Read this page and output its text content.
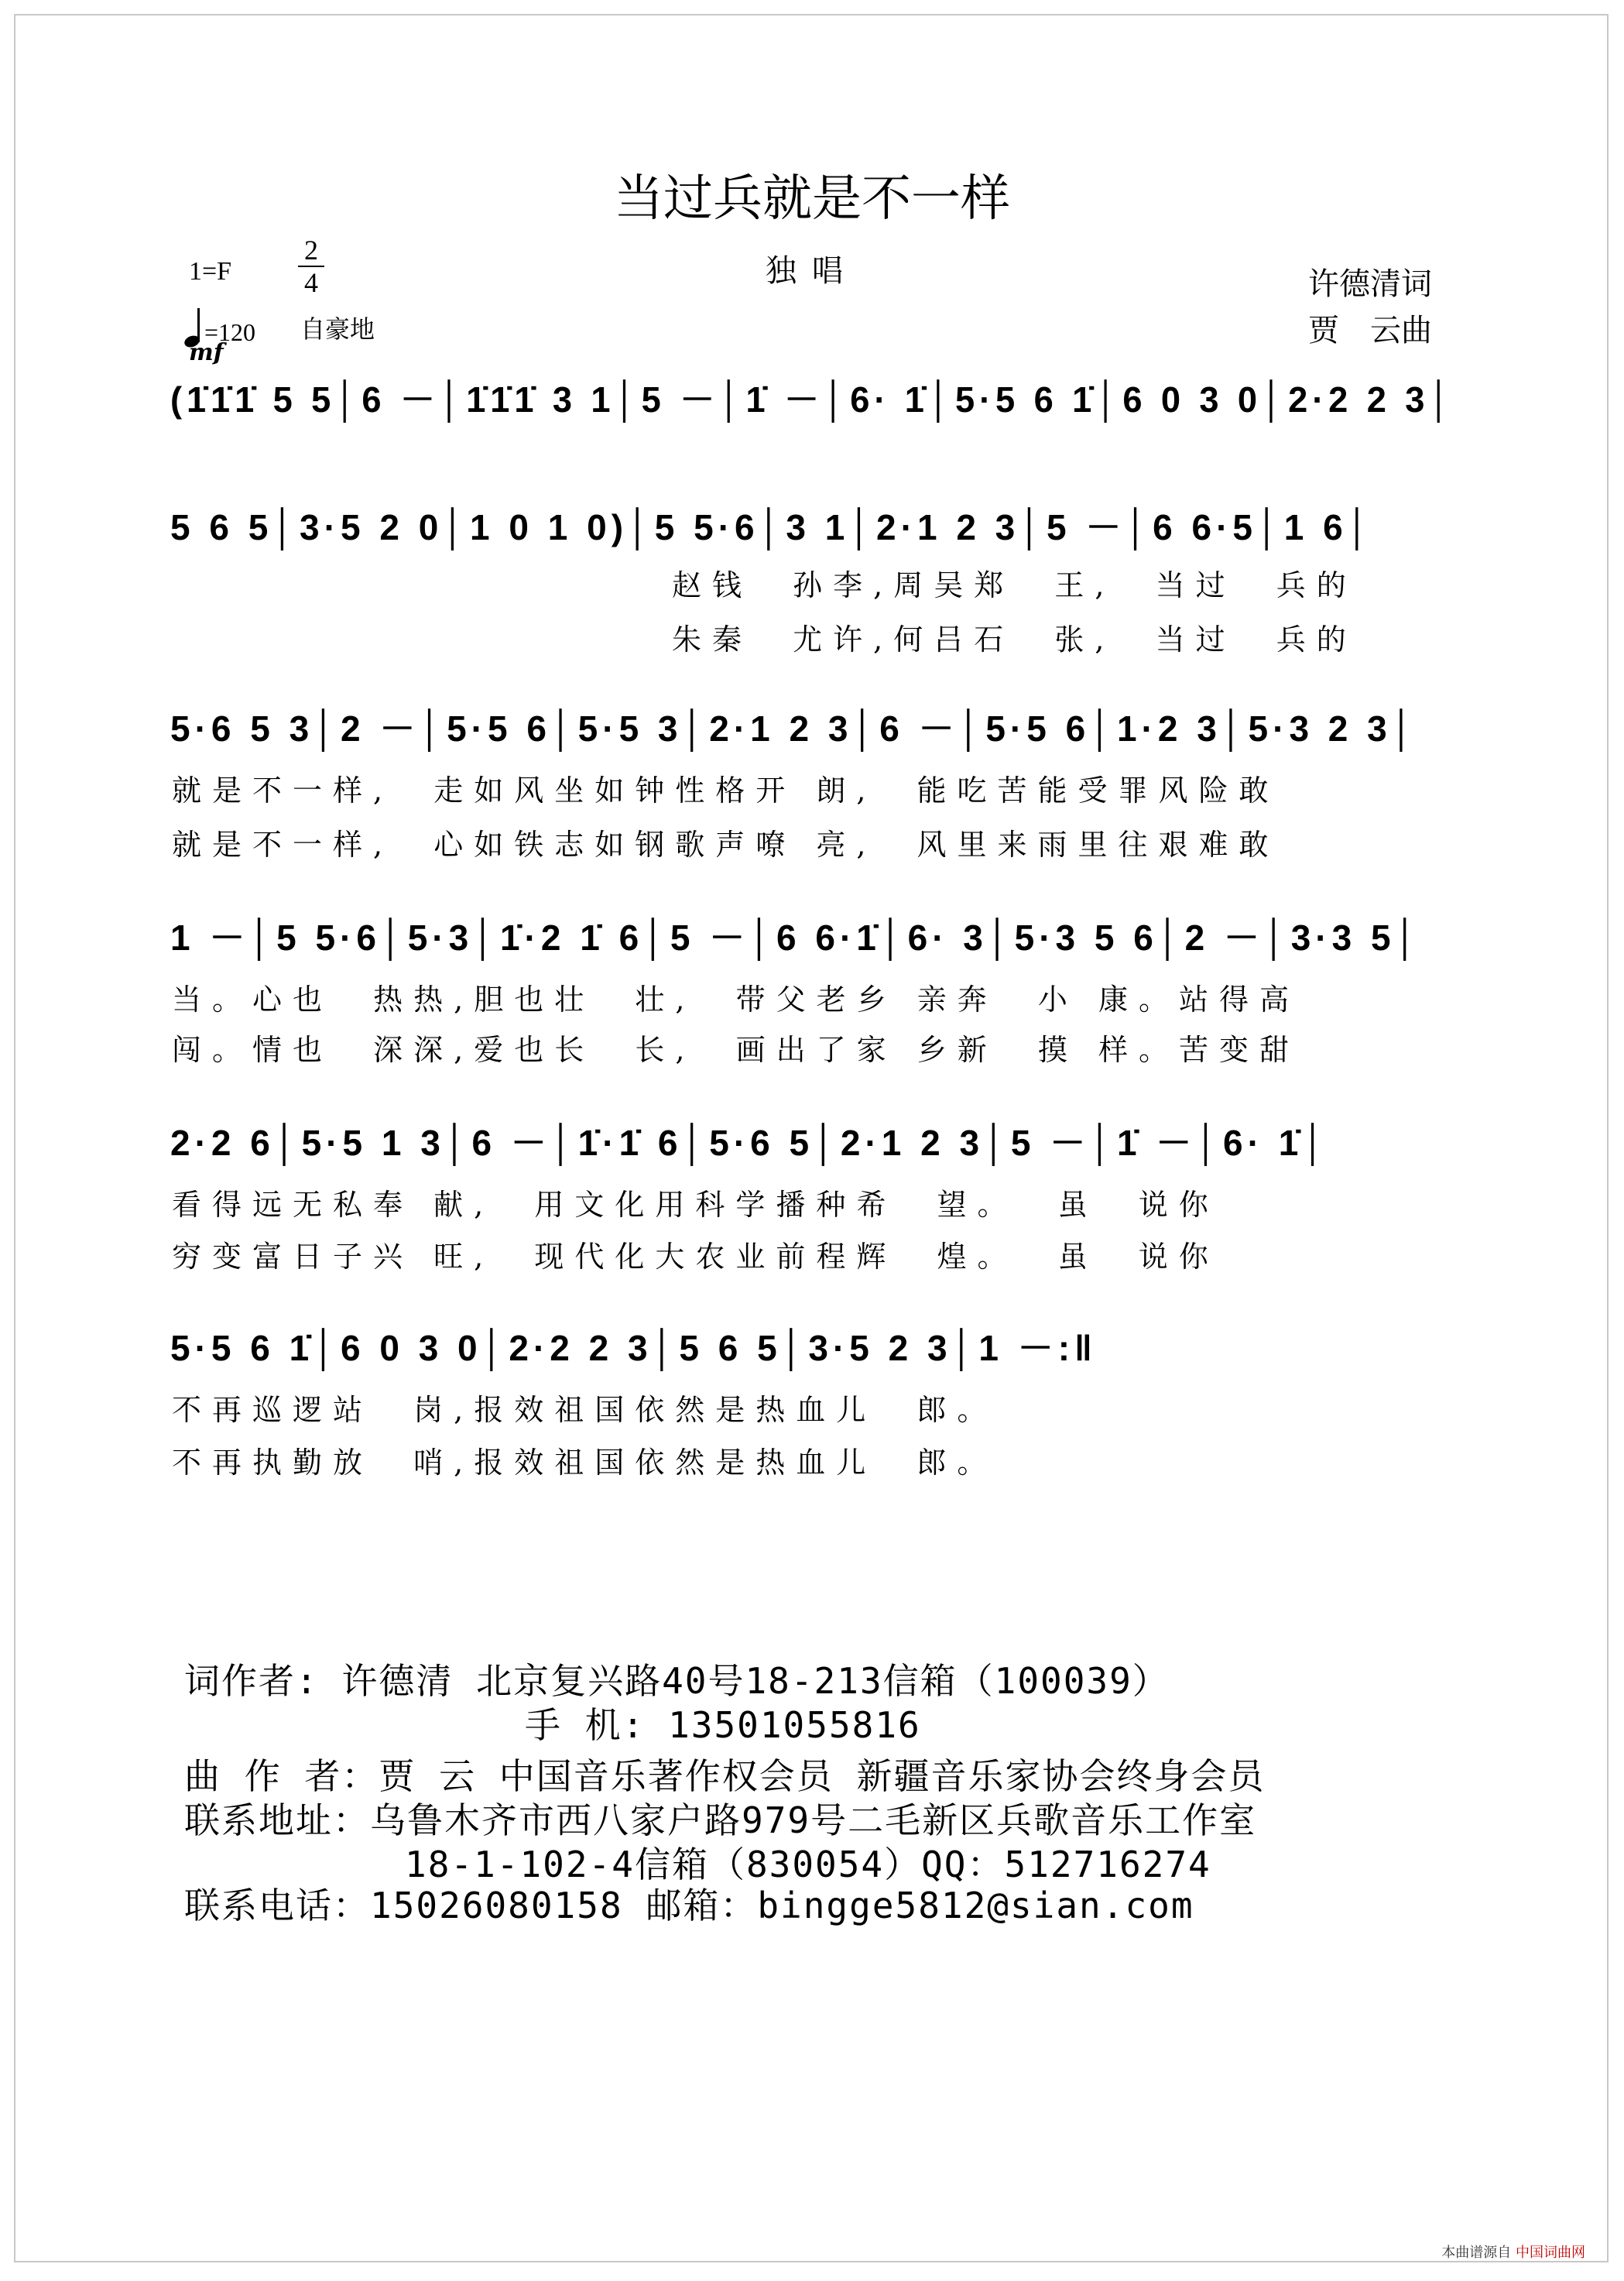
当过兵就是不一样
独唱
1=F
2
4
=120 自豪地
许德清词
贾　云曲
mf
(1̇1̇1̇ 5 5│6 －│1̇1̇1̇ 3 1│5 －│1̇ －│6· 1̇│5·5 6 1̇│6 0 3 0│2·2 2 3│
5 6 5│3·5 2 0│1 0 1 0)│5 5·6│3 1│2·1 2 3│5 －│6 6·5│1 6│
赵钱  孙李,周吴郑  王,  当过  兵的
朱秦  尤许,何吕石  张,  当过  兵的
5·6 5 3│2 －│5·5 6│5·5 3│2·1 2 3│6 －│5·5 6│1·2 3│5·3 2 3│
就是不一样,  走如风坐如钟性格开 朗,  能吃苦能受罪风险敢
就是不一样,  心如铁志如钢歌声嘹 亮,  风里来雨里往艰难敢
1 －│5 5·6│5·3│1̇·2 1̇ 6│5 －│6 6·1̇│6· 3│5·3 5 6│2 －│3·3 5│
当。心也  热热,胆也壮  壮,  带父老乡 亲奔  小 康。站得高
闯。情也  深深,爱也长  长,  画出了家 乡新  摸 样。苦变甜
2·2 6│5·5 1 3│6 －│1̇·1̇ 6│5·6 5│2·1 2 3│5 －│1̇ －│6· 1̇│
看得远无私奉 献,  用文化用科学播种希  望。  虽  说你
穷变富日子兴 旺,  现代化大农业前程辉  煌。  虽  说你
5·5 6 1̇│6 0 3 0│2·2 2 3│5 6 5│3·5 2 3│1 －:‖
不再巡逻站  岗,报效祖国依然是热血儿  郎。
不再执勤放  哨,报效祖国依然是热血儿  郎。
词作者: 许德清 北京复兴路40号18-213信箱（100039）
手 机: 13501055816
曲 作 者：贾 云 中国音乐著作权会员 新疆音乐家协会终身会员
联系地址：乌鲁木齐市西八家户路979号二毛新区兵歌音乐工作室
18-1-102-4信箱（830054）QQ：512716274
联系电话：15026080158 邮箱：bingge5812@sian.com
本曲谱源自 中国词曲网
